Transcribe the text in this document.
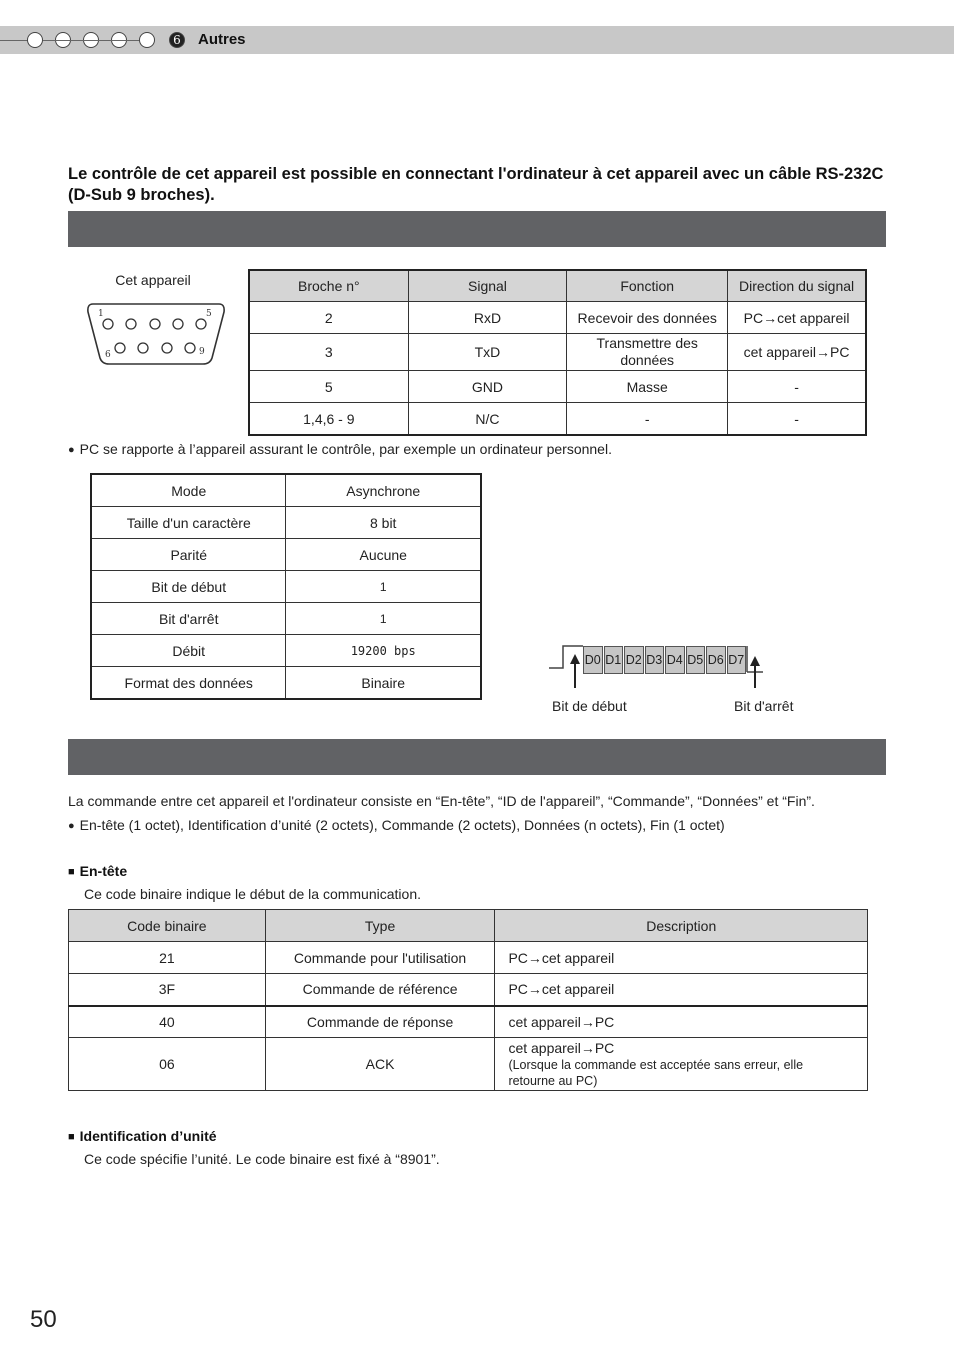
6 Autres
Le contrôle de cet appareil est possible en connectant l'ordinateur à cet appareil avec un câble RS-232C (D-Sub 9 broches).
Cet appareil
1	5
6	9
Broche n°	Signal	Fonction	Direction du signal
2	RxD	Recevoir des données	PC→cet appareil
3	TxD	Transmettre des données	cet appareil→PC
5	GND	Masse	-
1,4,6 - 9	N/C	-	-
● PC se rapporte à l’appareil assurant le contrôle, par exemple un ordinateur personnel.
Mode	Asynchrone
Taille d'un caractère	8 bit
Parité	Aucune
Bit de début	1
Bit d'arrêt	1
Débit	19200 bps
Format des données	Binaire
D0 D1 D2 D3 D4 D5 D6 D7
Bit de début	Bit d'arrêt
La commande entre cet appareil et l'ordinateur consiste en “En-tête”, “ID de l'appareil”, “Commande”, “Données” et “Fin”.
● En-tête (1 octet), Identification d’unité (2 octets), Commande (2 octets), Données (n octets), Fin (1 octet)
■ En-tête
Ce code binaire indique le début de la communication.
Code binaire	Type	Description
21	Commande pour l'utilisation	PC→cet appareil
3F	Commande de référence	PC→cet appareil
40	Commande de réponse	cet appareil→PC
06	ACK	cet appareil→PC
(Lorsque la commande est acceptée sans erreur, elle retourne au PC)
■ Identification d’unité
Ce code spécifie l’unité. Le code binaire est fixé à “8901”.
50
